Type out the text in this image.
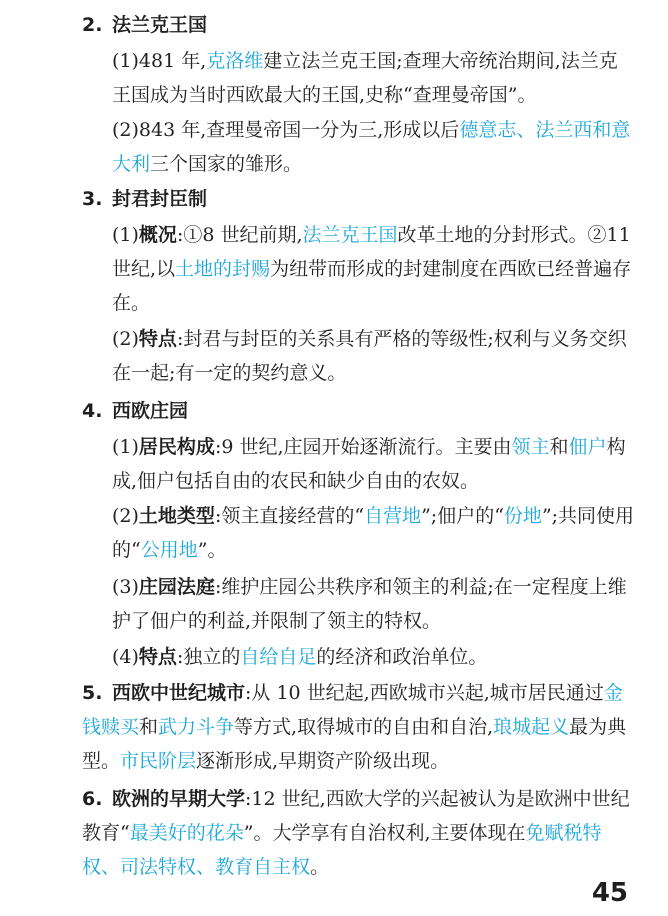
2. 法兰克王国
(1)481 年,克洛维建立法兰克王国;查理大帝统治期间,法兰克王国成为当时西欧最大的王国,史称“查理曼帝国”。
(2)843 年,查理曼帝国一分为三,形成以后德意志、法兰西和意大利三个国家的雏形。
3. 封君封臣制
(1)概况:①8 世纪前期,法兰克王国改革土地的分封形式。②11 世纪,以土地的封赐为纽带而形成的封建制度在西欧已经普遍存在。
(2)特点:封君与封臣的关系具有严格的等级性;权利与义务交织在一起;有一定的契约意义。
4. 西欧庄园
(1)居民构成:9 世纪,庄园开始逐渐流行。主要由领主和佃户构成,佃户包括自由的农民和缺少自由的农奴。
(2)土地类型:领主直接经营的“自营地”;佃户的“份地”;共同使用的“公用地”。
(3)庄园法庭:维护庄园公共秩序和领主的利益;在一定程度上维护了佃户的利益,并限制了领主的特权。
(4)特点:独立的自给自足的经济和政治单位。
5. 西欧中世纪城市:从 10 世纪起,西欧城市兴起,城市居民通过金钱赎买和武力斗争等方式,取得城市的自由和自治,琅城起义最为典型。市民阶层逐渐形成,早期资产阶级出现。
6. 欧洲的早期大学:12 世纪,西欧大学的兴起被认为是欧洲中世纪教育“最美好的花朵”。大学享有自治权利,主要体现在免赋税特权、司法特权、教育自主权。
45
